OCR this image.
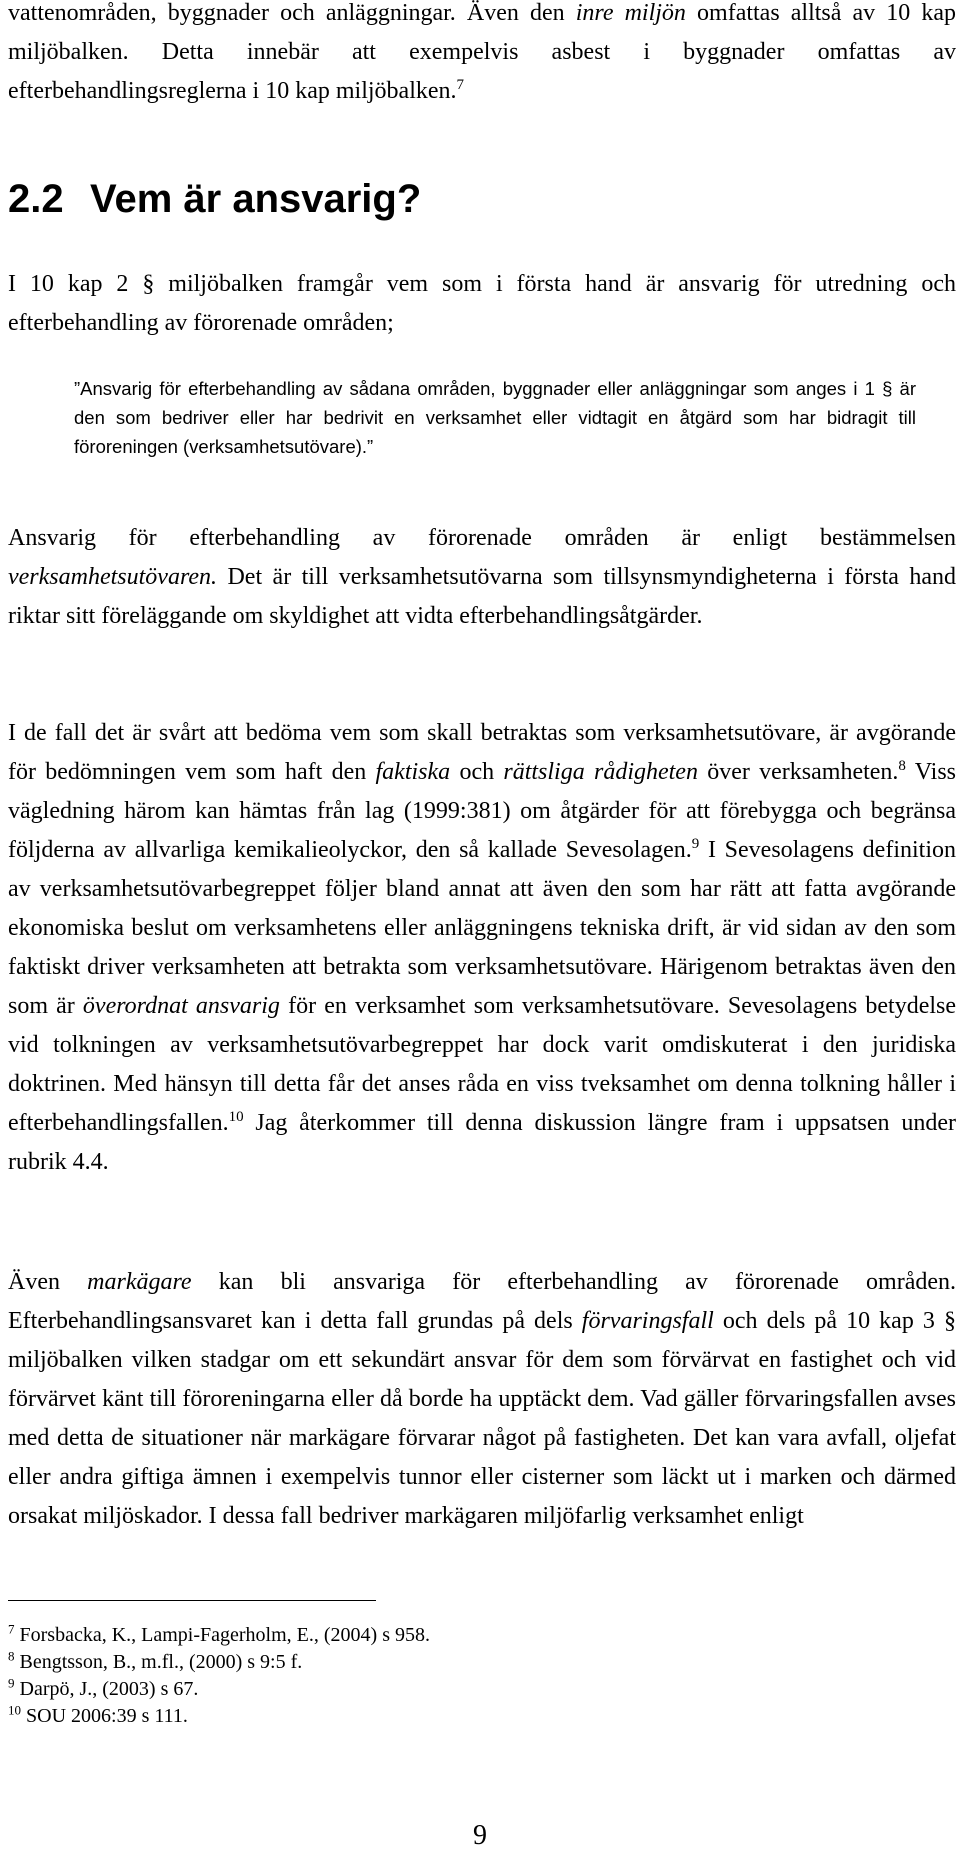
vattenområden, byggnader och anläggningar. Även den inre miljön omfattas alltså av 10 kap miljöbalken. Detta innebär att exempelvis asbest i byggnader omfattas av efterbehandlingsreglerna i 10 kap miljöbalken.$^7$

2.2 Vem är ansvarig?

I 10 kap 2 § miljöbalken framgår vem som i första hand är ansvarig för utredning och efterbehandling av förorenade områden;

”Ansvarig för efterbehandling av sådana områden, byggnader eller anläggningar som anges i 1 § är den som bedriver eller har bedrivit en verksamhet eller vidtagit en åtgärd som har bidragit till föroreningen (verksamhetsutövare).”

Ansvarig för efterbehandling av förorenade områden är enligt bestämmelsen verksamhetsutövaren. Det är till verksamhetsutövarna som tillsynsmyndigheterna i första hand riktar sitt föreläggande om skyldighet att vidta efterbehandlingsåtgärder.

I de fall det är svårt att bedöma vem som skall betraktas som verksamhetsutövare, är avgörande för bedömningen vem som haft den faktiska och rättsliga rådigheten över verksamheten.$^8$ Viss vägledning härom kan hämtas från lag (1999:381) om åtgärder för att förebygga och begränsa följderna av allvarliga kemikalieolyckor, den så kallade Sevesolagen.$^9$ I Sevesolagens definition av verksamhetsutövarbegreppet följer bland annat att även den som har rätt att fatta avgörande ekonomiska beslut om verksamhetens eller anläggningens tekniska drift, är vid sidan av den som faktiskt driver verksamheten att betrakta som verksamhetsutövare. Härigenom betraktas även den som är överordnat ansvarig för en verksamhet som verksamhetsutövare. Sevesolagens betydelse vid tolkningen av verksamhetsutövarbegreppet har dock varit omdiskuterat i den juridiska doktrinen. Med hänsyn till detta får det anses råda en viss tveksamhet om denna tolkning håller i efterbehandlingsfallen.$^{10}$ Jag återkommer till denna diskussion längre fram i uppsatsen under rubrik 4.4.

Även markägare kan bli ansvariga för efterbehandling av förorenade områden. Efterbehandlingsansvaret kan i detta fall grundas på dels förvaringsfall och dels på 10 kap 3 § miljöbalken vilken stadgar om ett sekundärt ansvar för dem som förvärvat en fastighet och vid förvärvet känt till föroreningarna eller då borde ha upptäckt dem. Vad gäller förvaringsfallen avses med detta de situationer när markägare förvarar något på fastigheten. Det kan vara avfall, oljefat eller andra giftiga ämnen i exempelvis tunnor eller cisterner som läckt ut i marken och därmed orsakat miljöskador. I dessa fall bedriver markägaren miljöfarlig verksamhet enligt

$^7$ Forsbacka, K., Lampi-Fagerholm, E., (2004) s 958.
$^8$ Bengtsson, B., m.fl., (2000) s 9:5 f.
$^9$ Darpö, J., (2003) s 67.
$^{10}$ SOU 2006:39 s 111.
9
